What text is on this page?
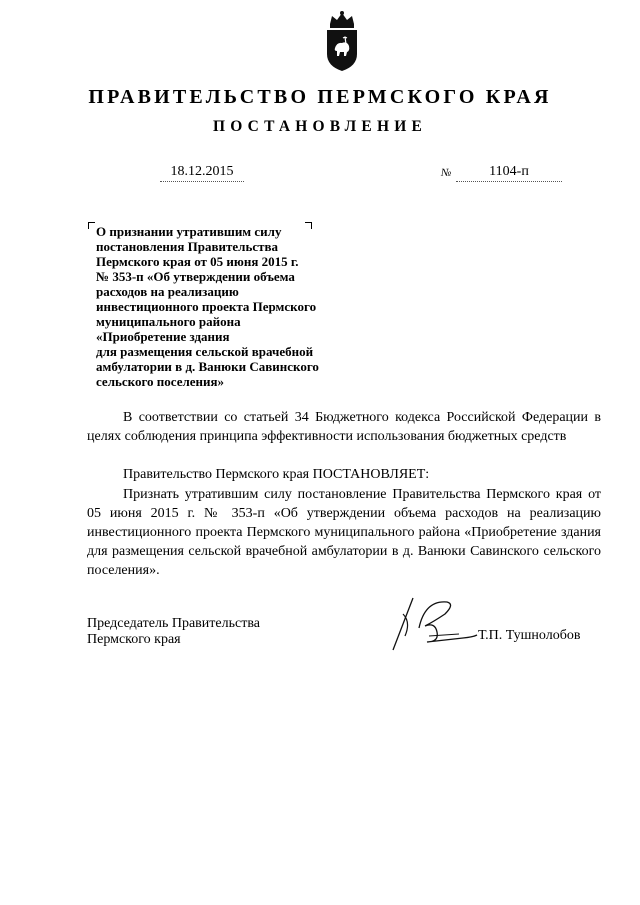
ПРАВИТЕЛЬСТВО ПЕРМСКОГО КРАЯ
ПОСТАНОВЛЕНИЕ
18.12.2015	№	1104-п
О признании утратившим силу
постановления Правительства
Пермского края от 05 июня 2015 г.
№ 353-п «Об утверждении объема
расходов на реализацию
инвестиционного проекта Пермского
муниципального района
«Приобретение здания
для размещения сельской врачебной
амбулатории в д. Ванюки Савинского
сельского поселения»

В соответствии со статьей 34 Бюджетного кодекса Российской Федерации в целях соблюдения принципа эффективности использования бюджетных средств

Правительство Пермского края ПОСТАНОВЛЯЕТ:

Признать утратившим силу постановление Правительства Пермского края от 05 июня 2015 г. № 353-п «Об утверждении объема расходов на реализацию инвестиционного проекта Пермского муниципального района «Приобретение здания для размещения сельской врачебной амбулатории в д. Ванюки Савинского сельского поселения».

Председатель Правительства
Пермского края	Т.П. Тушнолобов
